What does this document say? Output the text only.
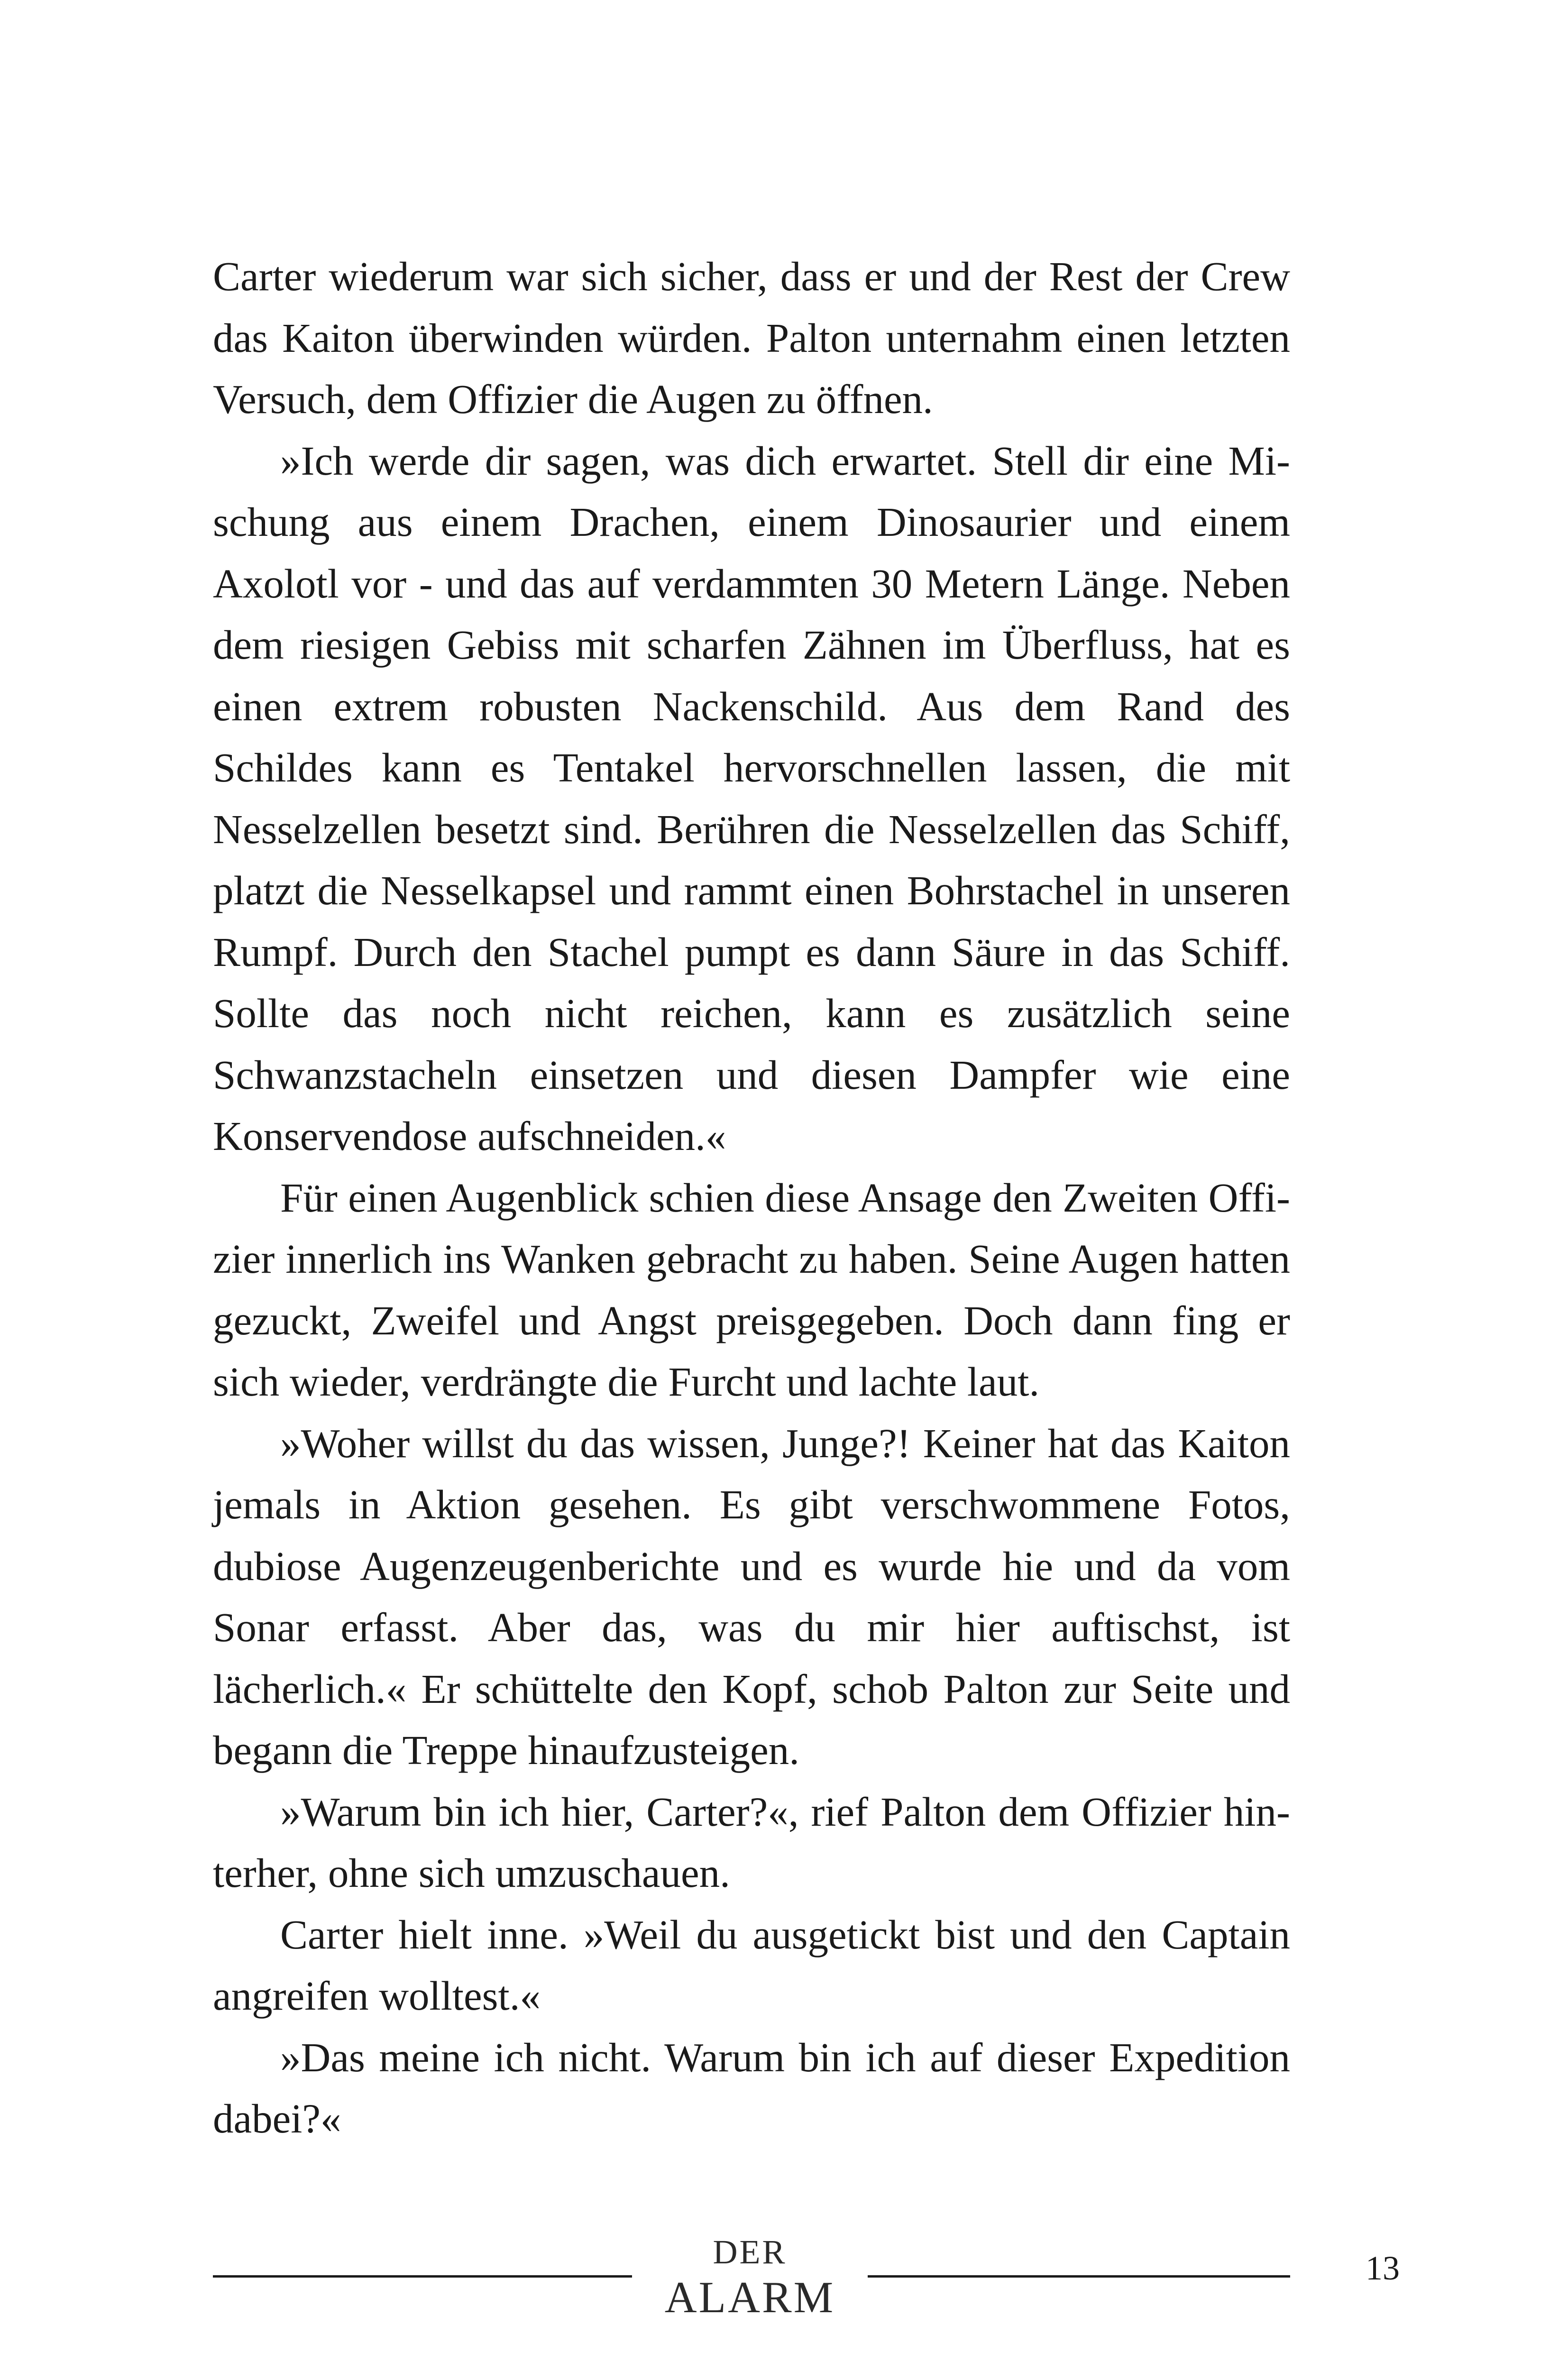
Carter wiederum war sich sicher, dass er und der Rest der Crew das Kaiton überwinden würden. Palton unternahm einen letzten Versuch, dem Offizier die Augen zu öffnen.

»Ich werde dir sagen, was dich erwartet. Stell dir eine Mischung aus einem Drachen, einem Dinosaurier und einem Axolotl vor - und das auf verdammten 30 Metern Länge. Neben dem riesigen Gebiss mit scharfen Zähnen im Überfluss, hat es einen extrem robusten Nackenschild. Aus dem Rand des Schildes kann es Tentakel hervorschnellen lassen, die mit Nesselzellen besetzt sind. Berühren die Nesselzellen das Schiff, platzt die Nesselkapsel und rammt einen Bohrstachel in unseren Rumpf. Durch den Stachel pumpt es dann Säure in das Schiff. Sollte das noch nicht reichen, kann es zusätzlich seine Schwanzstacheln einsetzen und diesen Dampfer wie eine Konservendose aufschneiden.«

Für einen Augenblick schien diese Ansage den Zweiten Offizier innerlich ins Wanken gebracht zu haben. Seine Augen hatten gezuckt, Zweifel und Angst preisgegeben. Doch dann fing er sich wieder, verdrängte die Furcht und lachte laut.

»Woher willst du das wissen, Junge?! Keiner hat das Kaiton jemals in Aktion gesehen. Es gibt verschwommene Fotos, dubiose Augenzeugenberichte und es wurde hie und da vom Sonar erfasst. Aber das, was du mir hier auftischst, ist lächerlich.« Er schüttelte den Kopf, schob Palton zur Seite und begann die Treppe hinaufzusteigen.

»Warum bin ich hier, Carter?«, rief Palton dem Offizier hinterher, ohne sich umzuschauen.

Carter hielt inne. »Weil du ausgetickt bist und den Captain angreifen wolltest.«

»Das meine ich nicht. Warum bin ich auf dieser Expedition dabei?«

DER
ALARM
13
